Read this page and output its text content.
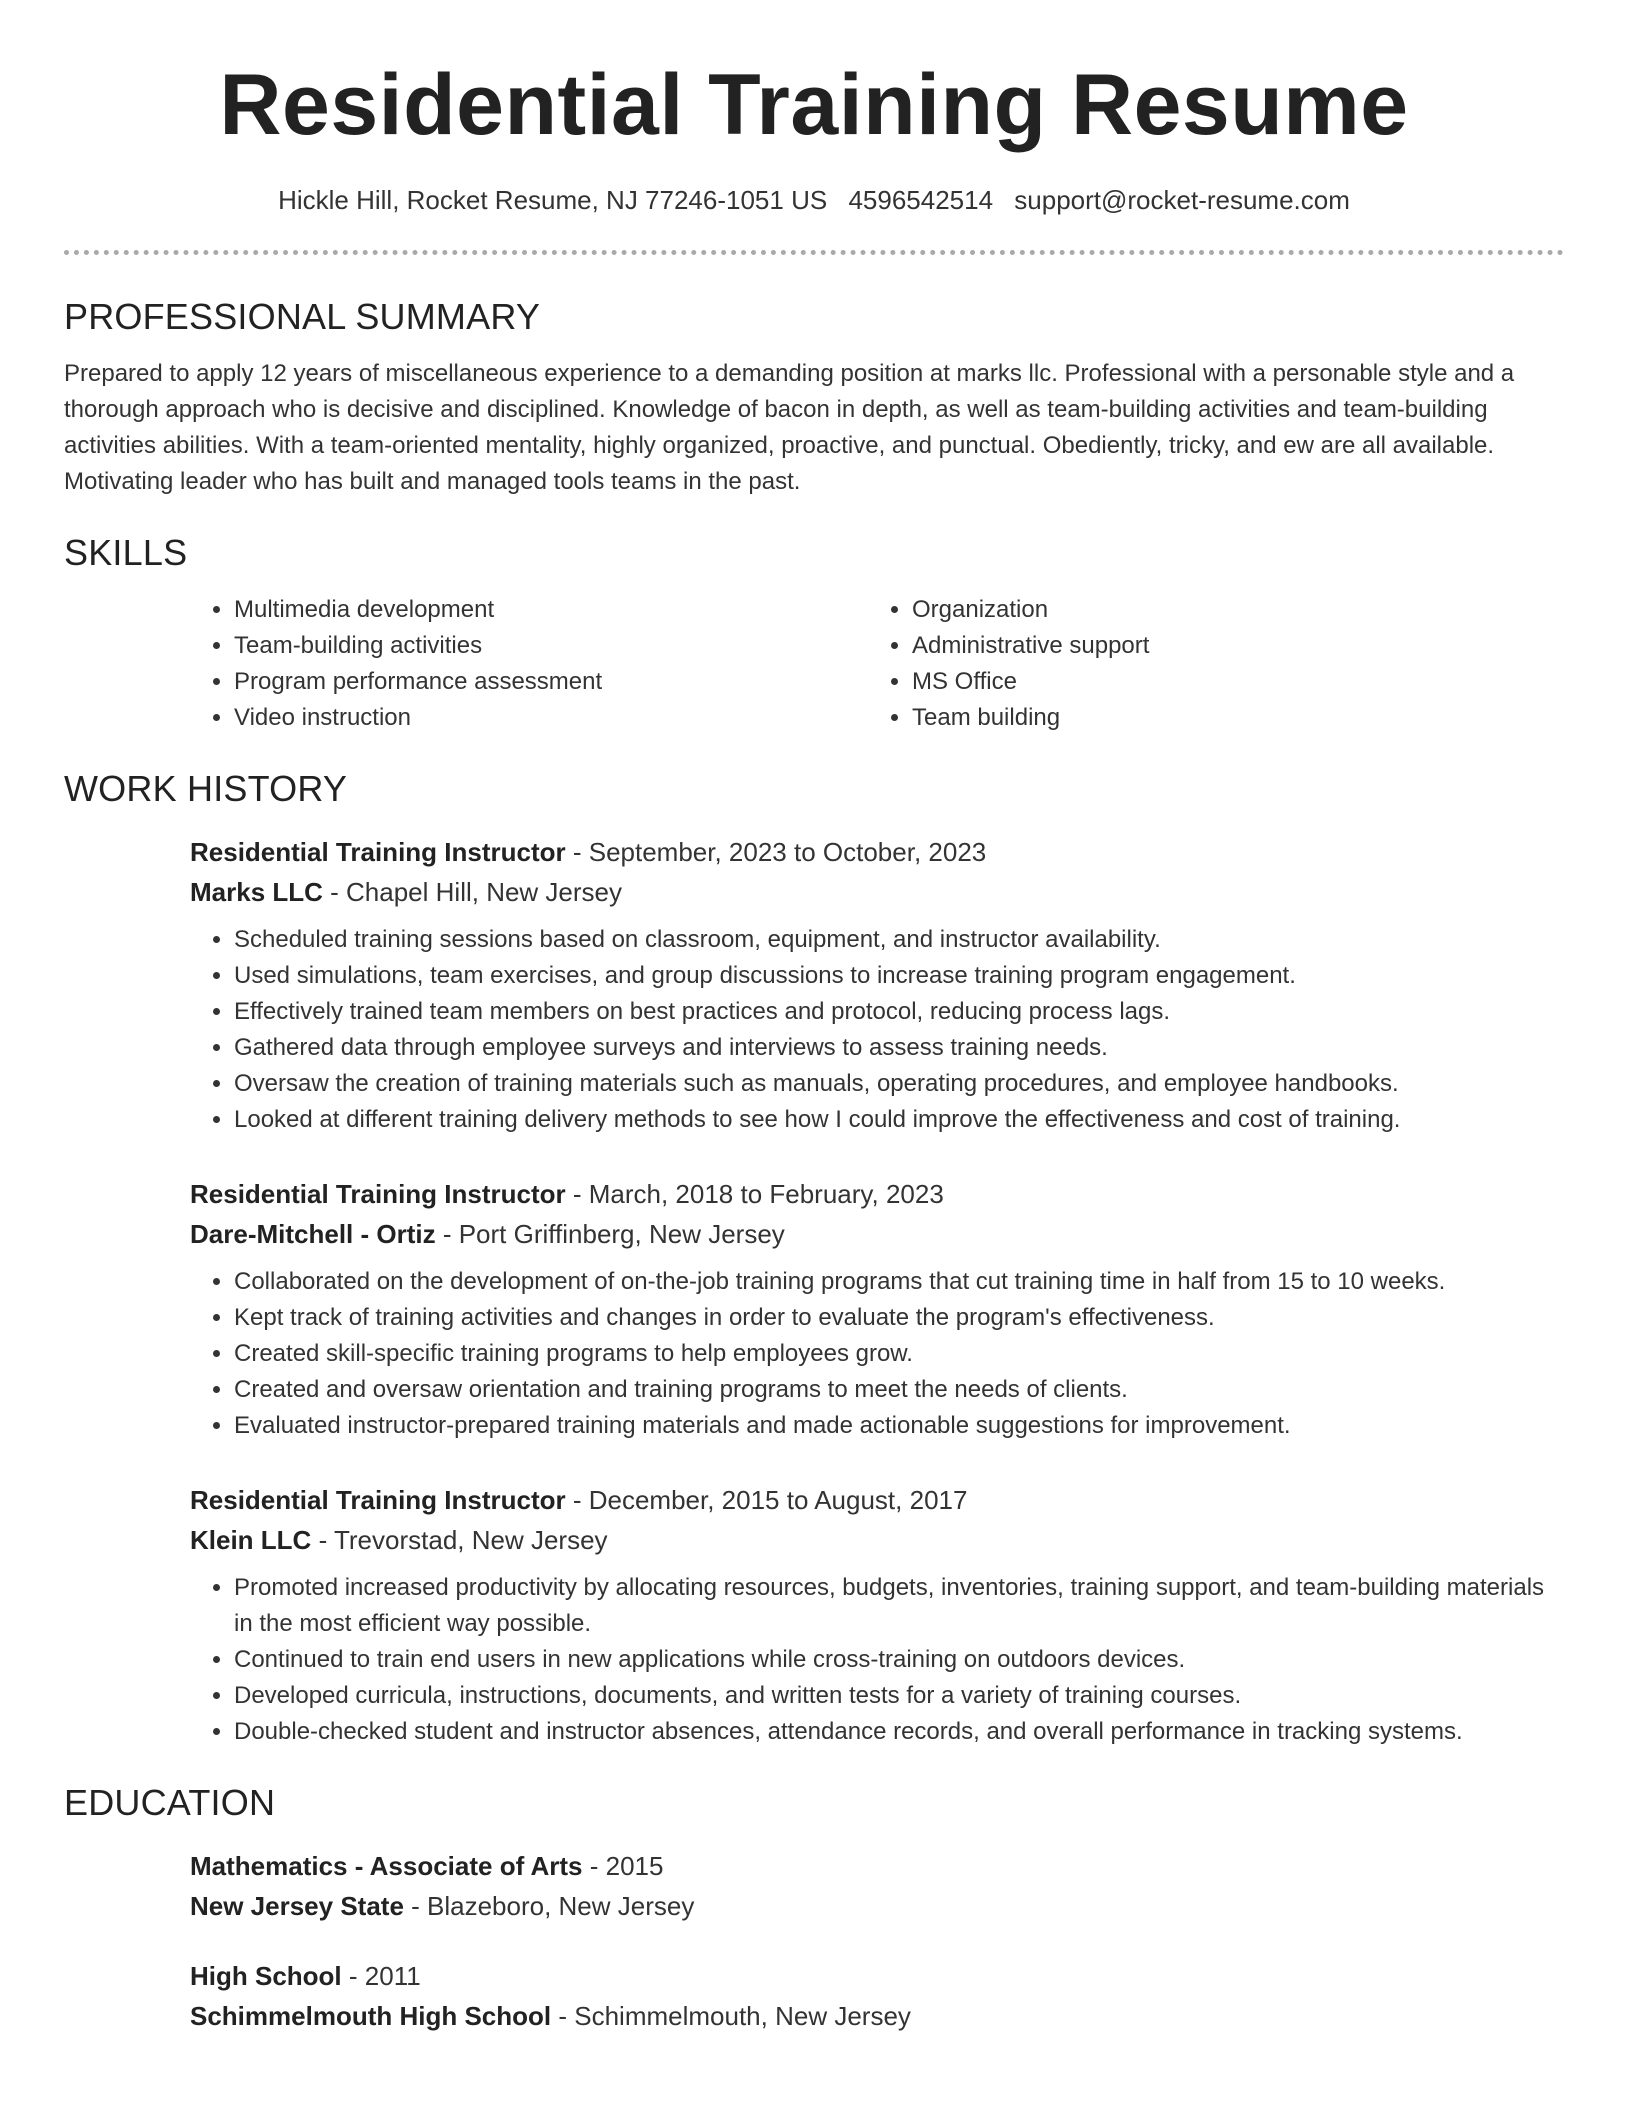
Residential Training Resume
Hickle Hill, Rocket Resume, NJ 77246-1051 US 4596542514 support@rocket-resume.com
PROFESSIONAL SUMMARY

Prepared to apply 12 years of miscellaneous experience to a demanding position at marks llc. Professional with a personable style and a thorough approach who is decisive and disciplined. Knowledge of bacon in depth, as well as team-building activities and team-building activities abilities. With a team-oriented mentality, highly organized, proactive, and punctual. Obediently, tricky, and ew are all available. Motivating leader who has built and managed tools teams in the past.

SKILLS
• Multimedia development
• Team-building activities
• Program performance assessment
• Video instruction
• Organization
• Administrative support
• MS Office
• Team building
WORK HISTORY
Residential Training Instructor - September, 2023 to October, 2023
Marks LLC - Chapel Hill, New Jersey
• Scheduled training sessions based on classroom, equipment, and instructor availability.
• Used simulations, team exercises, and group discussions to increase training program engagement.
• Effectively trained team members on best practices and protocol, reducing process lags.
• Gathered data through employee surveys and interviews to assess training needs.
• Oversaw the creation of training materials such as manuals, operating procedures, and employee handbooks.
• Looked at different training delivery methods to see how I could improve the effectiveness and cost of training.
Residential Training Instructor - March, 2018 to February, 2023
Dare-Mitchell - Ortiz - Port Griffinberg, New Jersey
• Collaborated on the development of on-the-job training programs that cut training time in half from 15 to 10 weeks.
• Kept track of training activities and changes in order to evaluate the program's effectiveness.
• Created skill-specific training programs to help employees grow.
• Created and oversaw orientation and training programs to meet the needs of clients.
• Evaluated instructor-prepared training materials and made actionable suggestions for improvement.
Residential Training Instructor - December, 2015 to August, 2017
Klein LLC - Trevorstad, New Jersey
• Promoted increased productivity by allocating resources, budgets, inventories, training support, and team-building materials in the most efficient way possible.
• Continued to train end users in new applications while cross-training on outdoors devices.
• Developed curricula, instructions, documents, and written tests for a variety of training courses.
• Double-checked student and instructor absences, attendance records, and overall performance in tracking systems.
EDUCATION
Mathematics - Associate of Arts - 2015
New Jersey State - Blazeboro, New Jersey
High School - 2011
Schimmelmouth High School - Schimmelmouth, New Jersey
